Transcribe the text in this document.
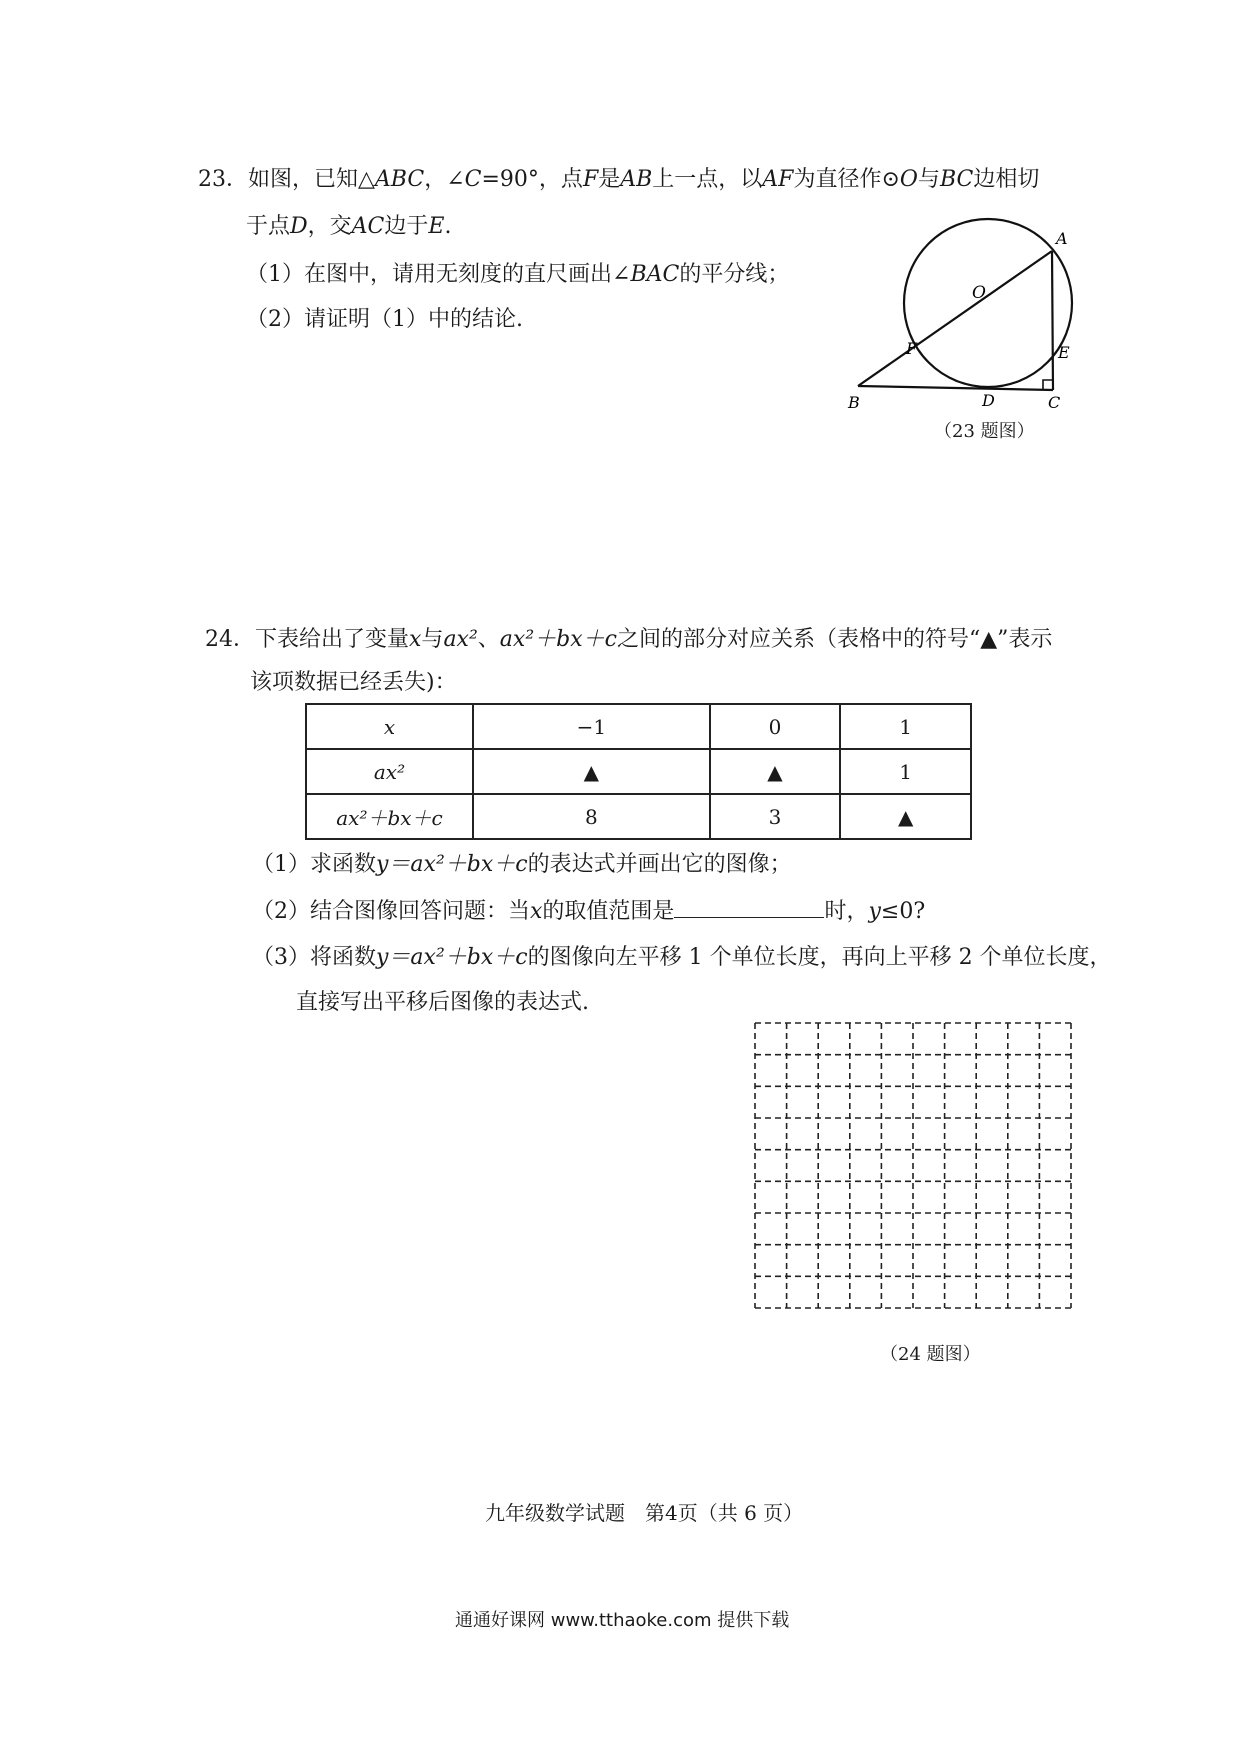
23．如图，已知△ABC，∠C=90°，点F是AB上一点，以AF为直径作⊙O与BC边相切
于点D，交AC边于E.
（1）在图中，请用无刻度的直尺画出∠BAC的平分线；
（2）请证明（1）中的结论.
A
O
F	E
B	D	C
（23 题图）
24．下表给出了变量x与ax²、ax²＋bx＋c之间的部分对应关系（表格中的符号“▲”表示
该项数据已经丢失)：
x	−1	0	1
ax²	▲	▲	1
ax²＋bx＋c	8	3	▲
（1）求函数y＝ax²＋bx＋c的表达式并画出它的图像；
（2）结合图像回答问题：当x的取值范围是	时，y≤0?
（3）将函数y＝ax²＋bx＋c的图像向左平移 1 个单位长度，再向上平移 2 个单位长度，
直接写出平移后图像的表达式.
（24 题图）
九年级数学试题　第4页（共 6 页）
通通好课网 www.tthaoke.com 提供下载
